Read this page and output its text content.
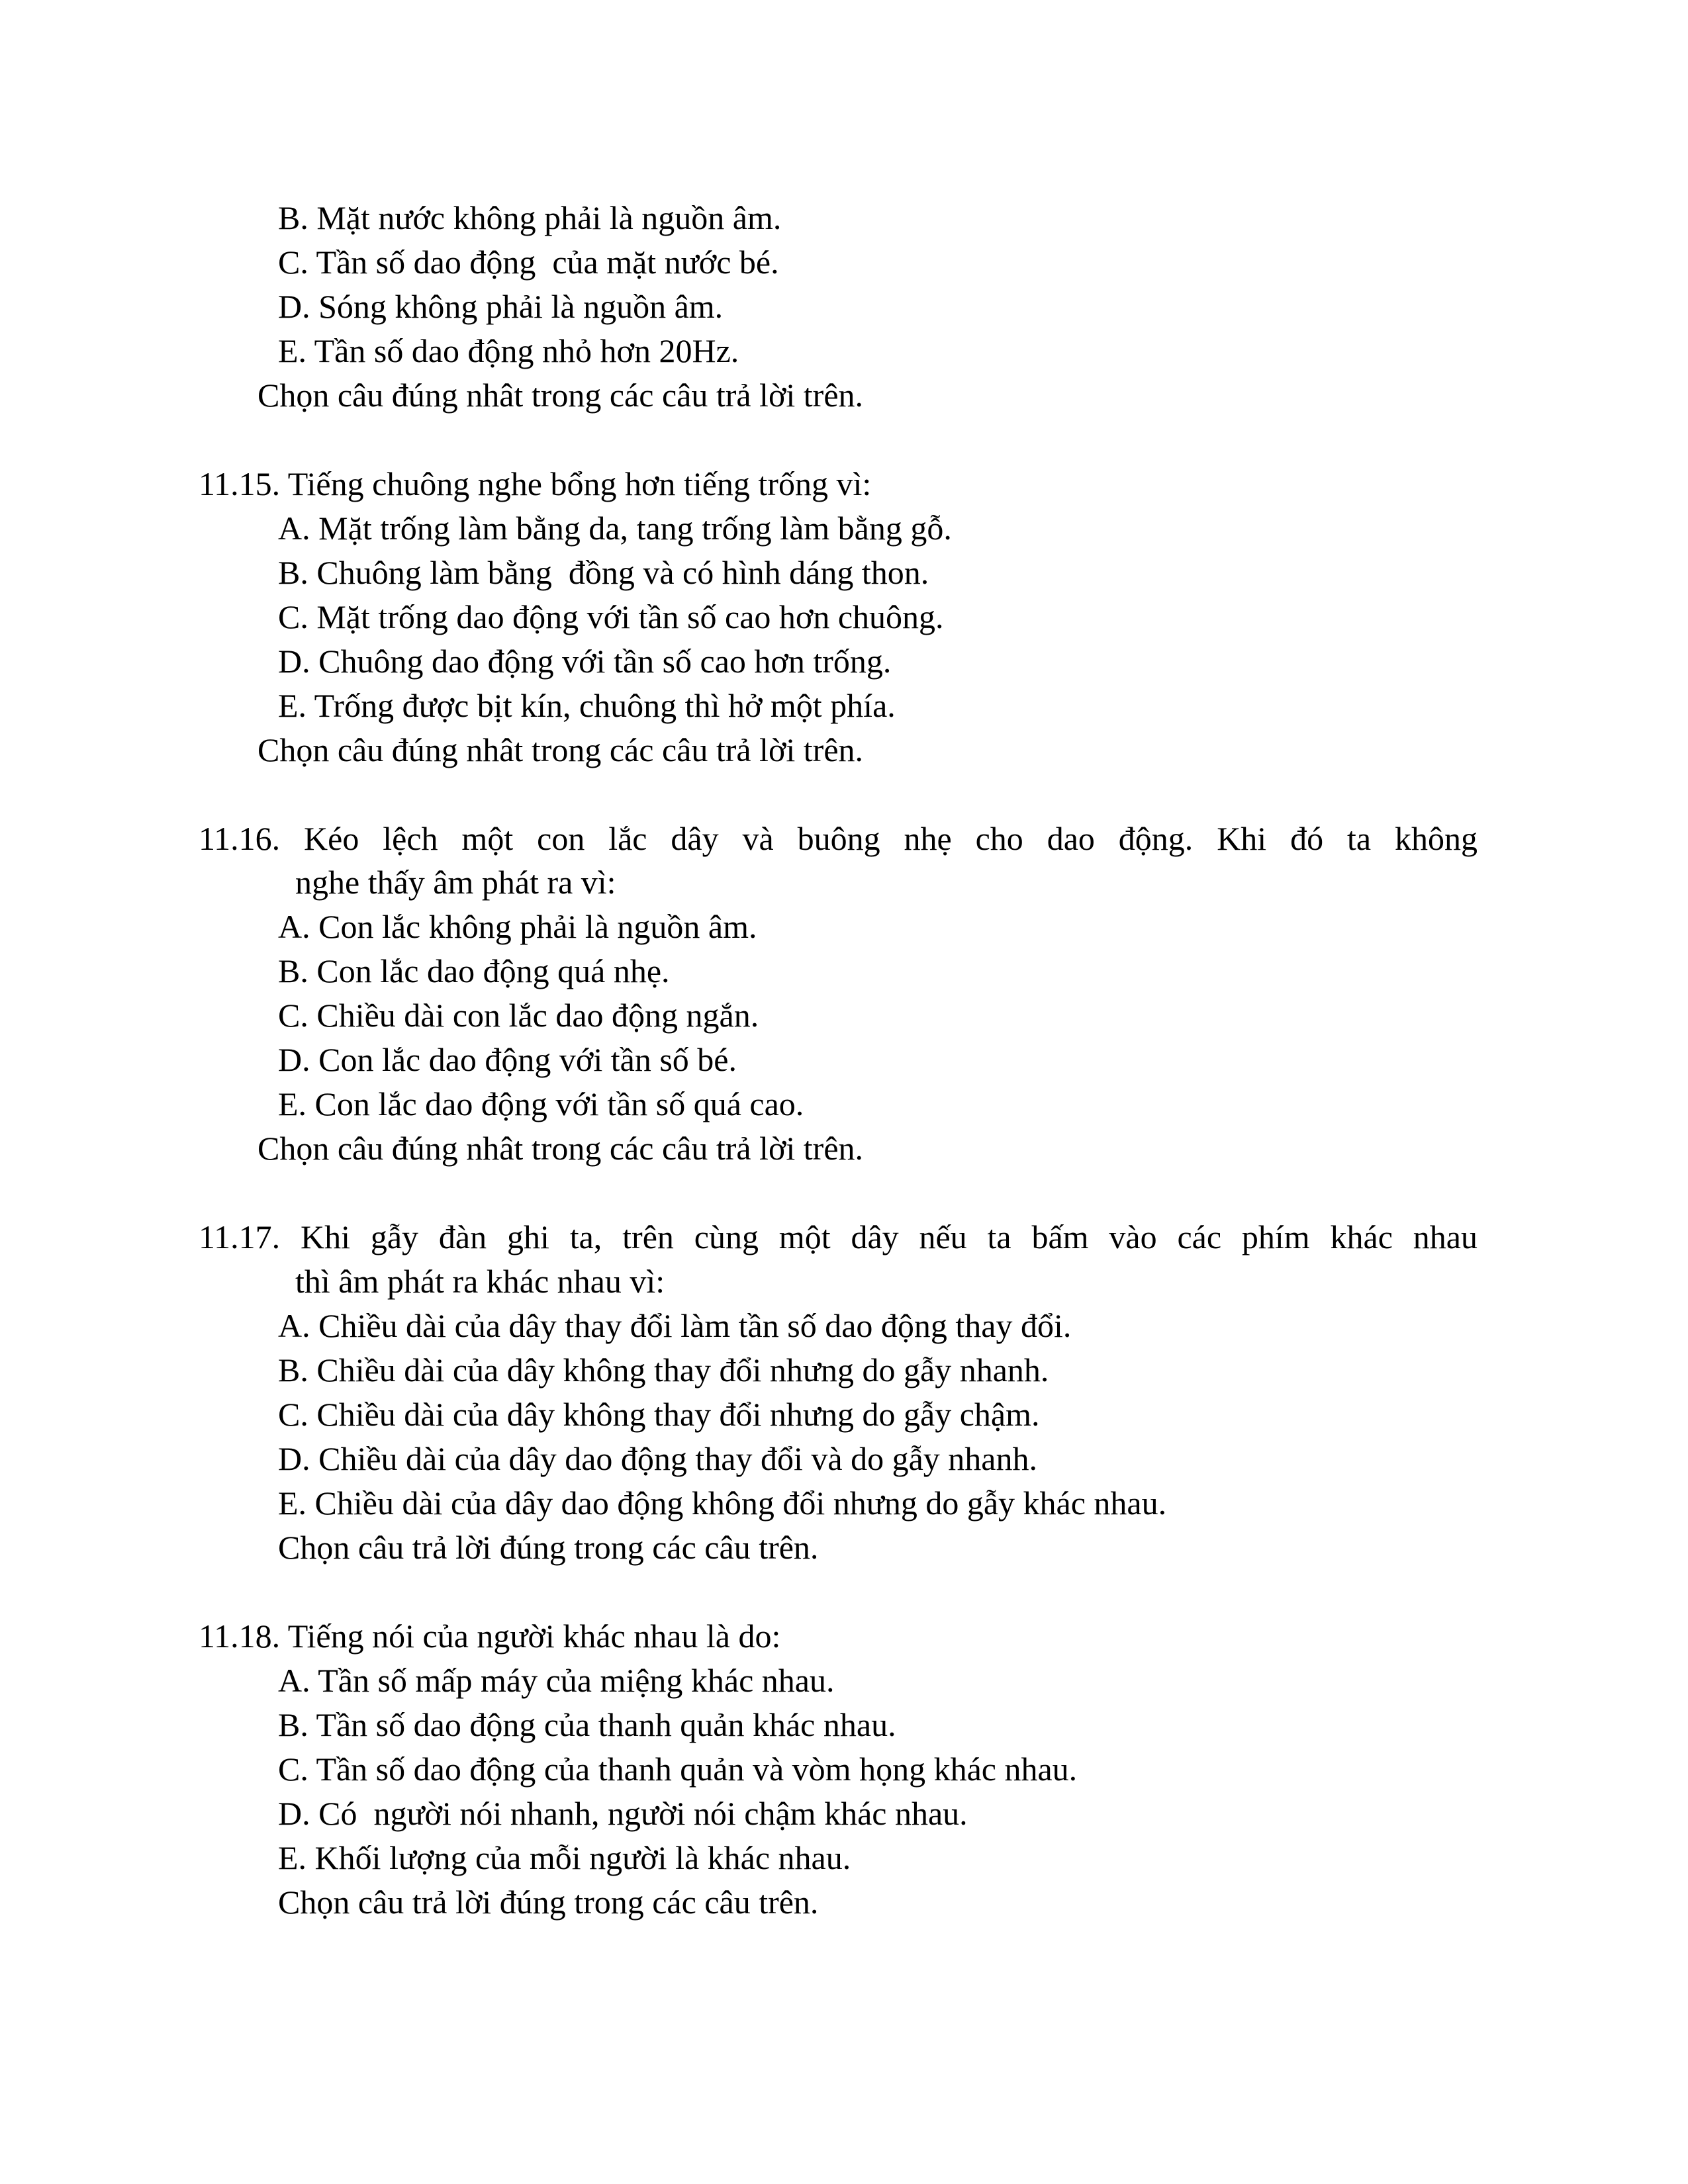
B. Mặt nước không phải là nguồn âm.
C. Tần số dao động  của mặt nước bé.
D. Sóng không phải là nguồn âm.
E. Tần số dao động nhỏ hơn 20Hz.
Chọn câu đúng nhât trong các câu trả lời trên.
11.15. Tiếng chuông nghe bổng hơn tiếng trống vì:
A. Mặt trống làm bằng da, tang trống làm bằng gỗ.
B. Chuông làm bằng  đồng và có hình dáng thon.
C. Mặt trống dao động với tần số cao hơn chuông.
D. Chuông dao động với tần số cao hơn trống.
E. Trống được bịt kín, chuông thì hở một phía.
Chọn câu đúng nhât trong các câu trả lời trên.
11.16. Kéo lệch một con lắc dây và buông nhẹ cho dao động. Khi đó ta không
nghe thấy âm phát ra vì:
A. Con lắc không phải là nguồn âm.
B. Con lắc dao động quá nhẹ.
C. Chiều dài con lắc dao động ngắn.
D. Con lắc dao động với tần số bé.
E. Con lắc dao động với tần số quá cao.
Chọn câu đúng nhât trong các câu trả lời trên.
11.17. Khi gẫy đàn ghi ta, trên cùng một dây nếu ta bấm vào các phím khác nhau
thì âm phát ra khác nhau vì:
A. Chiều dài của dây thay đổi làm tần số dao động thay đổi.
B. Chiều dài của dây không thay đổi nhưng do gẫy nhanh.
C. Chiều dài của dây không thay đổi nhưng do gẫy chậm.
D. Chiều dài của dây dao động thay đổi và do gẫy nhanh.
E. Chiều dài của dây dao động không đổi nhưng do gẫy khác nhau.
Chọn câu trả lời đúng trong các câu trên.
11.18. Tiếng nói của người khác nhau là do:
A. Tần số mấp máy của miệng khác nhau.
B. Tần số dao động của thanh quản khác nhau.
C. Tần số dao động của thanh quản và vòm họng khác nhau.
D. Có  người nói nhanh, người nói chậm khác nhau.
E. Khối lượng của mỗi người là khác nhau.
Chọn câu trả lời đúng trong các câu trên.
